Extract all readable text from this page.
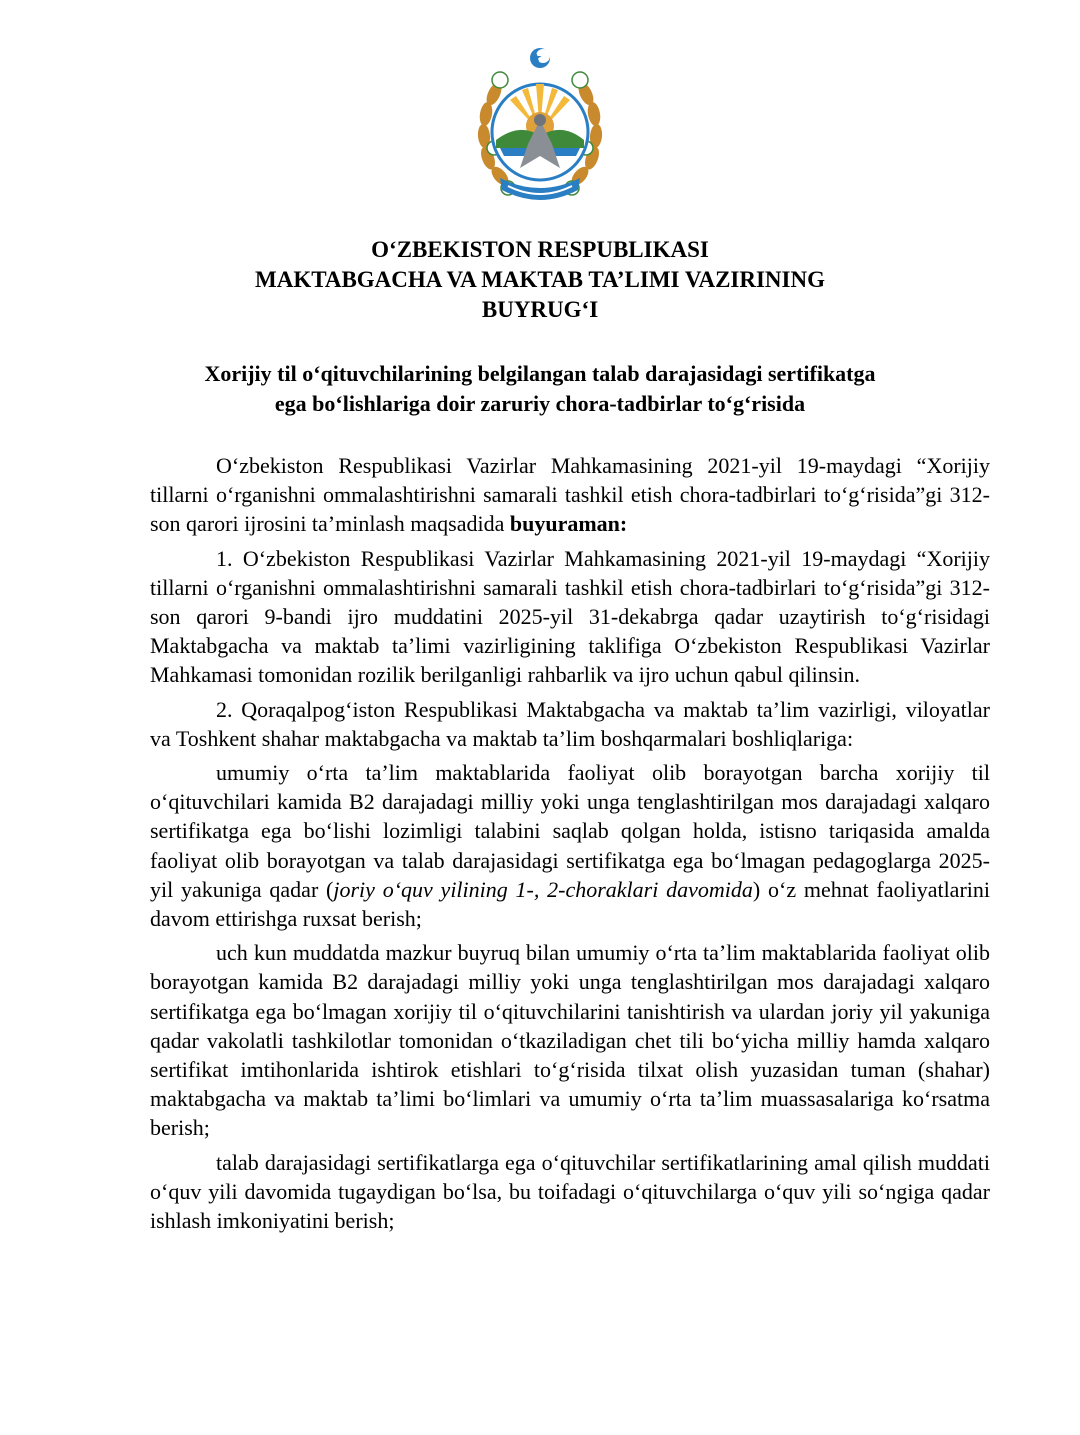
O‘ZBEKISTON RESPUBLIKASI
MAKTABGACHA VA MAKTAB TA’LIMI VAZIRINING
BUYRUG‘I
Xorijiy til o‘qituvchilarining belgilangan talab darajasidagi sertifikatga
ega bo‘lishlariga doir zaruriy chora-tadbirlar to‘g‘risida

O‘zbekiston Respublikasi Vazirlar Mahkamasining 2021-yil 19-maydagi “Xorijiy tillarni o‘rganishni ommalashtirishni samarali tashkil etish chora-tadbirlari to‘g‘risida”gi 312-son qarori ijrosini ta’minlash maqsadida buyuraman:

1. O‘zbekiston Respublikasi Vazirlar Mahkamasining 2021-yil 19-maydagi “Xorijiy tillarni o‘rganishni ommalashtirishni samarali tashkil etish chora-tadbirlari to‘g‘risida”gi 312-son qarori 9-bandi ijro muddatini 2025-yil 31-dekabrga qadar uzaytirish to‘g‘risidagi Maktabgacha va maktab ta’limi vazirligining taklifiga O‘zbekiston Respublikasi Vazirlar Mahkamasi tomonidan rozilik berilganligi rahbarlik va ijro uchun qabul qilinsin.

2. Qoraqalpog‘iston Respublikasi Maktabgacha va maktab ta’lim vazirligi, viloyatlar va Toshkent shahar maktabgacha va maktab ta’lim boshqarmalari boshliqlariga:

umumiy o‘rta ta’lim maktablarida faoliyat olib borayotgan barcha xorijiy til o‘qituvchilari kamida B2 darajadagi milliy yoki unga tenglashtirilgan mos darajadagi xalqaro sertifikatga ega bo‘lishi lozimligi talabini saqlab qolgan holda, istisno tariqasida amalda faoliyat olib borayotgan va talab darajasidagi sertifikatga ega bo‘lmagan pedagoglarga 2025-yil yakuniga qadar (joriy o‘quv yilining 1-, 2-choraklari davomida) o‘z mehnat faoliyatlarini davom ettirishga ruxsat berish;

uch kun muddatda mazkur buyruq bilan umumiy o‘rta ta’lim maktablarida faoliyat olib borayotgan kamida B2 darajadagi milliy yoki unga tenglashtirilgan mos darajadagi xalqaro sertifikatga ega bo‘lmagan xorijiy til o‘qituvchilarini tanishtirish va ulardan joriy yil yakuniga qadar vakolatli tashkilotlar tomonidan o‘tkaziladigan chet tili bo‘yicha milliy hamda xalqaro sertifikat imtihonlarida ishtirok etishlari to‘g‘risida tilxat olish yuzasidan tuman (shahar) maktabgacha va maktab ta’limi bo‘limlari va umumiy o‘rta ta’lim muassasalariga ko‘rsatma berish;

talab darajasidagi sertifikatlarga ega o‘qituvchilar sertifikatlarining amal qilish muddati o‘quv yili davomida tugaydigan bo‘lsa, bu toifadagi o‘qituvchilarga o‘quv yili so‘ngiga qadar ishlash imkoniyatini berish;
